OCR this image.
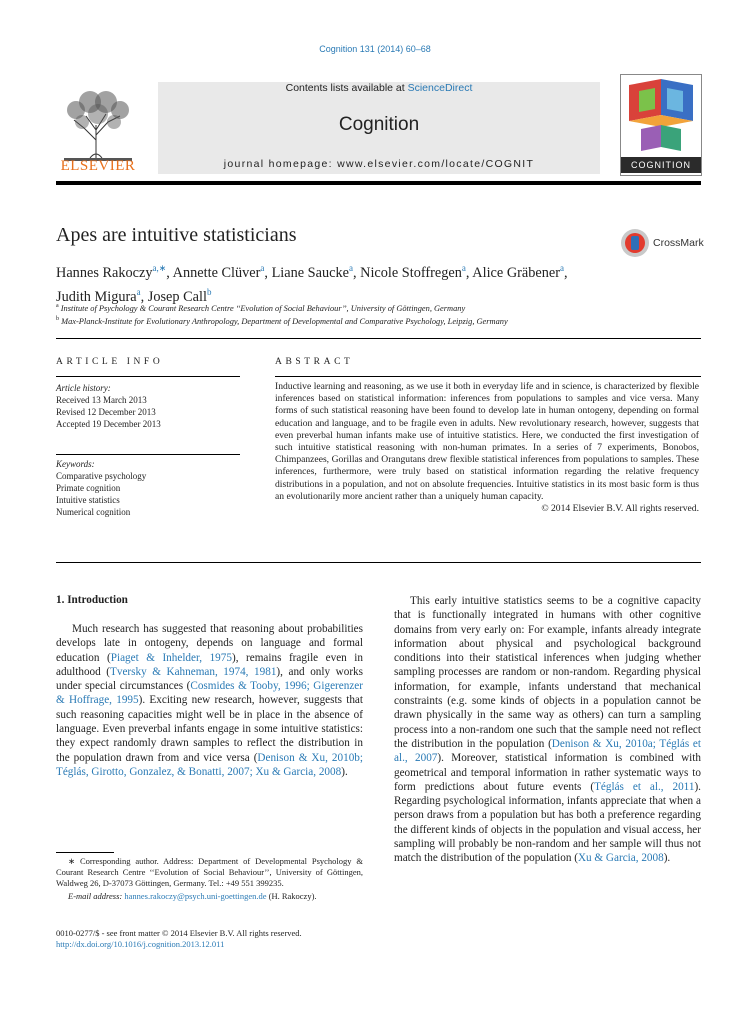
Cognition 131 (2014) 60–68
ELSEVIER
Contents lists available at ScienceDirect
Cognition
journal homepage: www.elsevier.com/locate/COGNIT	COGNITION
Apes are intuitive statisticians	CrossMark
Hannes Rakoczy$^{a,∗}$, Annette Clüver$^a$, Liane Saucke$^a$, Nicole Stoffregen$^a$, Alice Gräbener$^a$,
Judith Migura$^a$, Josep Call$^b$
$^a$ Institute of Psychology & Courant Research Centre ‘‘Evolution of Social Behaviour’’, University of Göttingen, Germany
$^b$ Max-Planck-Institute for Evolutionary Anthropology, Department of Developmental and Comparative Psychology, Leipzig, Germany
ARTICLE INFO
Article history:
Received 13 March 2013
Revised 12 December 2013
Accepted 19 December 2013
Keywords:
Comparative psychology
Primate cognition
Intuitive statistics
Numerical cognition
ABSTRACT
Inductive learning and reasoning, as we use it both in everyday life and in science, is characterized by flexible inferences based on statistical information: inferences from populations to samples and vice versa. Many forms of such statistical reasoning have been found to develop late in human ontogeny, depending on formal education and language, and to be fragile even in adults. New revolutionary research, however, suggests that even preverbal human infants make use of intuitive statistics. Here, we conducted the first investigation of such intuitive statistical reasoning with non-human primates. In a series of 7 experiments, Bonobos, Chimpanzees, Gorillas and Orangutans drew flexible statistical inferences from populations to samples. These inferences, furthermore, were truly based on statistical information regarding the relative frequency distributions in a population, and not on absolute frequencies. Intuitive statistics in its most basic form is thus an evolutionarily more ancient rather than a uniquely human capacity.
© 2014 Elsevier B.V. All rights reserved.
1. Introduction

Much research has suggested that reasoning about probabilities develops late in ontogeny, depends on language and formal education (Piaget & Inhelder, 1975), remains fragile even in adulthood (Tversky & Kahneman, 1974, 1981), and only works under special circumstances (Cosmides & Tooby, 1996; Gigerenzer & Hoffrage, 1995). Exciting new research, however, suggests that such reasoning capacities might well be in place in the absence of language. Even preverbal infants engage in some intuitive statistics: they expect randomly drawn samples to reflect the distribution in the population drawn from and vice versa (Denison & Xu, 2010b; Téglás, Girotto, Gonzalez, & Bonatti, 2007; Xu & Garcia, 2008).

This early intuitive statistics seems to be a cognitive capacity that is functionally integrated in humans with other cognitive domains from very early on: For example, infants already integrate information about physical and psychological background conditions into their statistical inferences when judging whether sampling processes are random or non-random. Regarding physical information, for example, infants understand that mechanical constraints (e.g. some kinds of objects in a population cannot be drawn physically in the same way as others) can turn a sampling process into a non-random one such that the sample need not reflect the distribution in the population (Denison & Xu, 2010a; Téglás et al., 2007). Moreover, statistical information is combined with geometrical and temporal information in rather systematic ways to form predictions about future events (Téglás et al., 2011). Regarding psychological information, infants appreciate that when a person draws from a population but has both a preference regarding the different kinds of objects in the population and visual access, her sampling will probably be non-random and her sample will thus not match the distribution of the population (Xu & Garcia, 2008).

∗ Corresponding author. Address: Department of Developmental Psychology & Courant Research Centre ‘‘Evolution of Social Behaviour’’, University of Göttingen, Waldweg 26, D-37073 Göttingen, Germany. Tel.: +49 551 399235.
E-mail address: hannes.rakoczy@psych.uni-goettingen.de (H. Rakoczy).
0010-0277/$ - see front matter © 2014 Elsevier B.V. All rights reserved.
http://dx.doi.org/10.1016/j.cognition.2013.12.011
